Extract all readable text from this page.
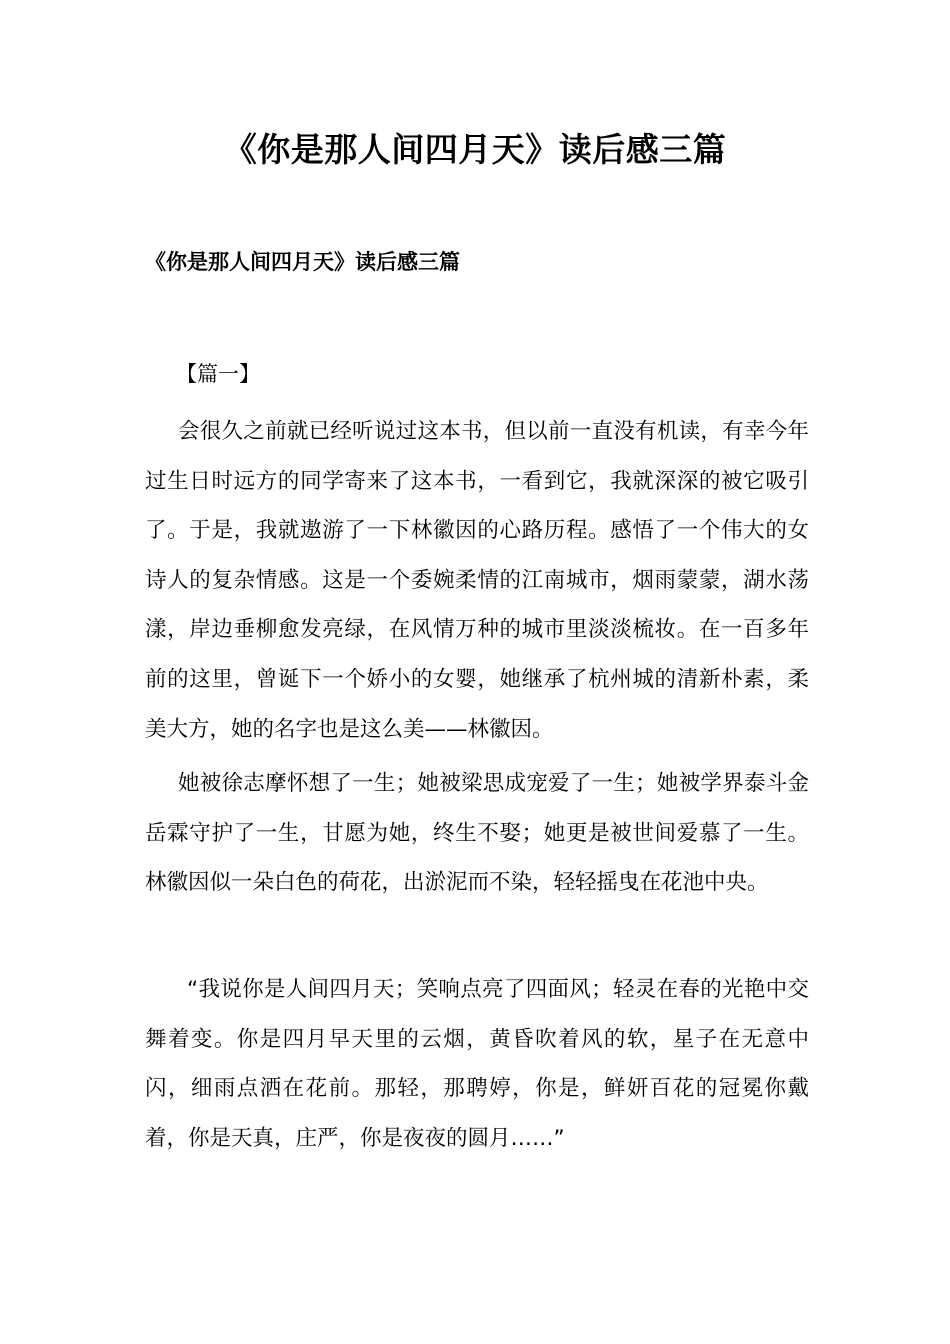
《你是那人间四月天》读后感三篇
《你是那人间四月天》读后感三篇
【篇一】

会很久之前就已经听说过这本书，但以前一直没有机读，有幸今年过生日时远方的同学寄来了这本书，一看到它，我就深深的被它吸引了。于是，我就遨游了一下林徽因的心路历程。感悟了一个伟大的女诗人的复杂情感。这是一个委婉柔情的江南城市，烟雨蒙蒙，湖水荡漾，岸边垂柳愈发亮绿，在风情万种的城市里淡淡梳妆。在一百多年前的这里，曾诞下一个娇小的女婴，她继承了杭州城的清新朴素，柔美大方，她的名字也是这么美——林徽因。

她被徐志摩怀想了一生；她被梁思成宠爱了一生；她被学界泰斗金岳霖守护了一生，甘愿为她，终生不娶；她更是被世间爱慕了一生。林徽因似一朵白色的荷花，出淤泥而不染，轻轻摇曳在花池中央。

“我说你是人间四月天；笑响点亮了四面风；轻灵在春的光艳中交舞着变。你是四月早天里的云烟，黄昏吹着风的软，星子在无意中闪，细雨点洒在花前。那轻，那聘婷，你是，鲜妍百花的冠冕你戴着，你是天真，庄严，你是夜夜的圆月……”
